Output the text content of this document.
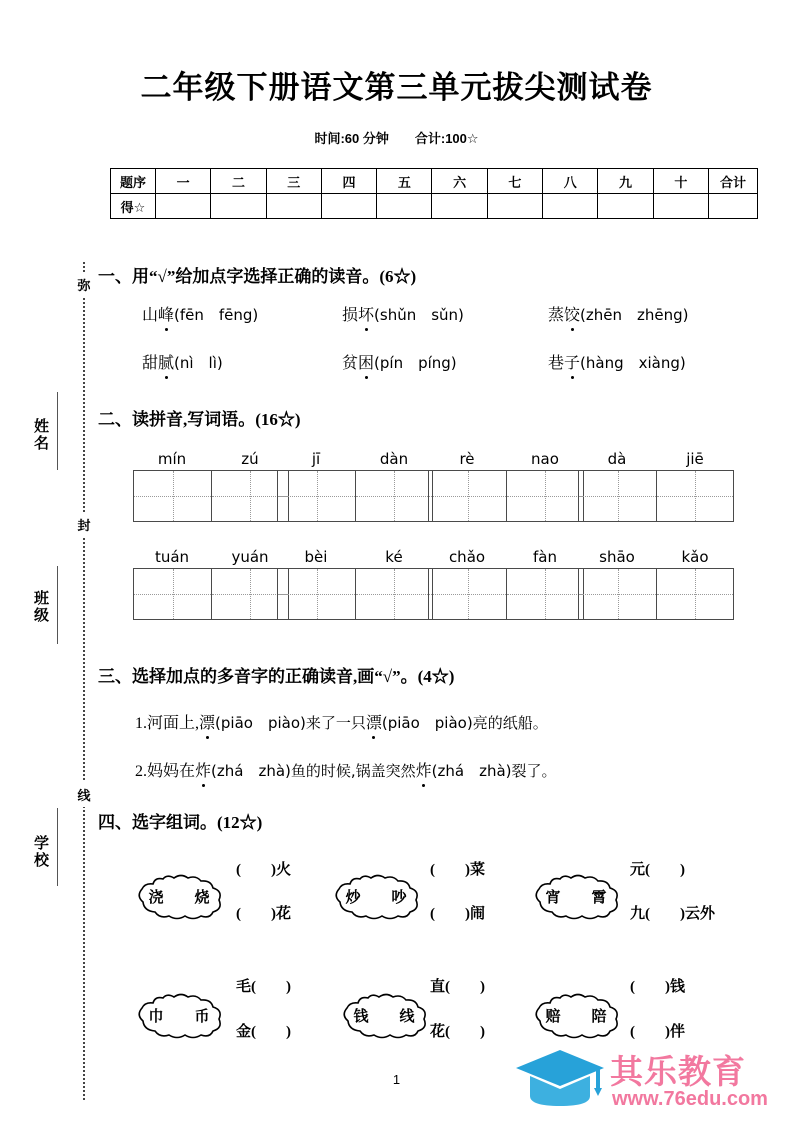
姓名
班级
学校
弥
封
线
二年级下册语文第三单元拔尖测试卷
时间:60 分钟 合计:100☆
题序	一	二	三	四	五	六	七	八	九	十	合计
得☆											
一、用“√”给加点字选择正确的读音。(6☆)
山峰(fēn　fēng)	损坏(shǔn　sǔn)	蒸饺(zhēn　zhēng)
甜腻(nì　lì)	贫困(pín　píng)	巷子(hàng　xiàng)
二、读拼音,写词语。(16☆)
mín	zú	jī	dàn	rè	nao	dà	jiē
tuán	yuán	bèi	ké	chǎo	fàn	shāo	kǎo
三、选择加点的多音字的正确读音,画“√”。(4☆)
1.河面上,漂(piāo　piào)来了一只漂(piāo　piào)亮的纸船。
2.妈妈在炸(zhá　zhà)鱼的时候,锅盖突然炸(zhá　zhà)裂了。
四、选字组词。(12☆)
浇　烧
(　　)火
(　　)花
炒　吵
(　　)菜
(　　)闹
宵　霄
元(　　)
九(　　)云外
巾　币
毛(　　)
金(　　)
钱　线
直(　　)
花(　　)
赔　陪
(　　)钱
(　　)伴
1	其乐教育
www.76edu.com
